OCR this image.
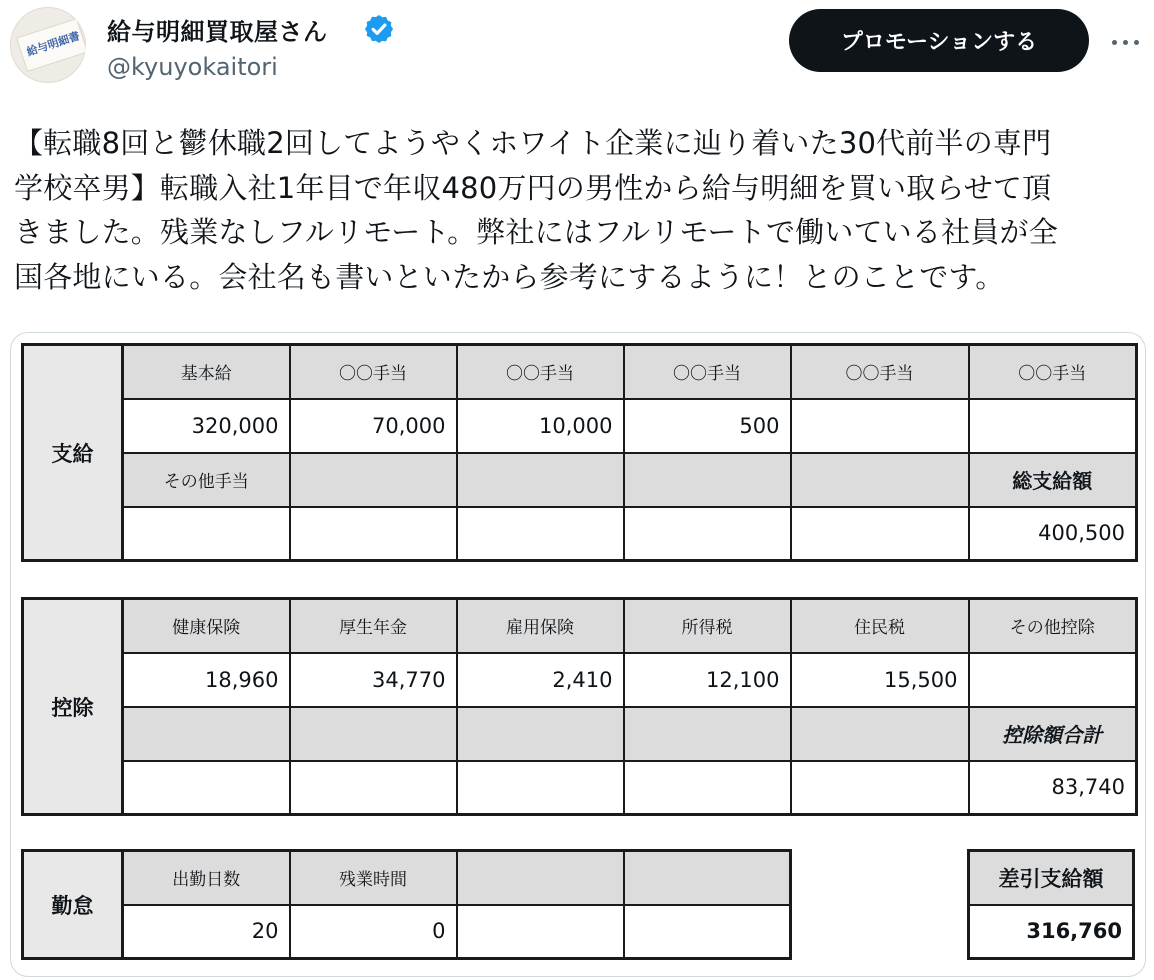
給与明細書 給与明細買取屋さん
@kyuyokaitori
プロモーションする
【転職8回と鬱休職2回してようやくホワイト企業に辿り着いた30代前半の専門
学校卒男】転職入社1年目で年収480万円の男性から給与明細を買い取らせて頂
きました。残業なしフルリモート。弊社にはフルリモートで働いている社員が全
国各地にいる。会社名も書いといたから参考にするように！とのことです。
支給	基本給	〇〇手当	〇〇手当	〇〇手当	〇〇手当	〇〇手当
	320,000	70,000	10,000	500		
	その他手当					総支給額
						400,500
控除	健康保険	厚生年金	雇用保険	所得税	住民税	その他控除
	18,960	34,770	2,410	12,100	15,500	
						控除額合計
						83,740
勤怠	出勤日数	残業時間		
	20	0		
差引支給額
316,760
